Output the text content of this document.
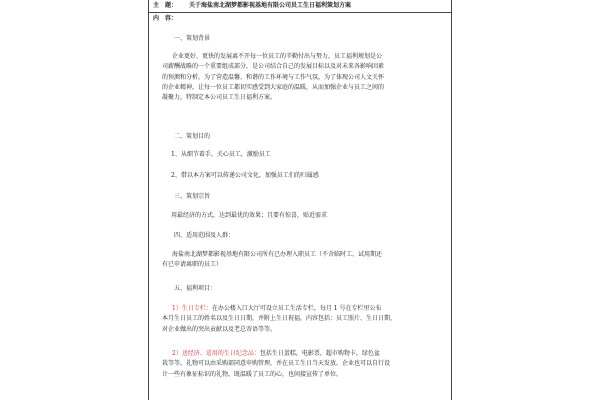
主　题：	关于海盐南北湖梦都影视基地有限公司员工生日福利策划方案
内　容：
一、策划背景
企业更好，更快的发展离不开每一位员工的辛勤付出与努力，员工福利规划是公
司薪酬战略的一个重要组成部分，是公司结合自己的发展目标以及对未来各影响因素
的预测和分析。为了营造温馨、和谐的工作环境与工作气氛，为了体现公司人文关怀
的企业精神，让每一位员工都切实感受到大家庭的温暖，从而加强企业与员工之间的
凝聚力，特制定本公司员工生日福利方案。
二、策划目的
1、从细节着手，关心员工，激励员工
2、借以本方案可以传递公司文化，加强员工们的归属感
三、策划宗旨
用最经济的方式，达到最优的效果；且要有惊喜，贴近需求
四、适用范围及人群：
海盐南北湖梦都影视基地有限公司所有已办理入职员工（不含临时工、试用期还
有已申请离职的员工）
五、福利项目：
1）生日专栏：在办公楼入口大厅可设立员工生活专栏，每月 1 号在专栏里公布
本月生日员工的姓名以及生日日期，并附上生日祝福，内容包括：员工照片、生日日期，
对企业做出的突出贡献以及老总寄语等等。
2）送经济、适用的生日纪念品：包括生日蛋糕，电影票，超市购物卡，绿色盆
栽等等。礼物可以由采购部同意申购管理，并在员工生日当天发放。企业也可以自行设
计一些有象征标识的礼物，既温暖了员工的心，也间接宣传了单位。
